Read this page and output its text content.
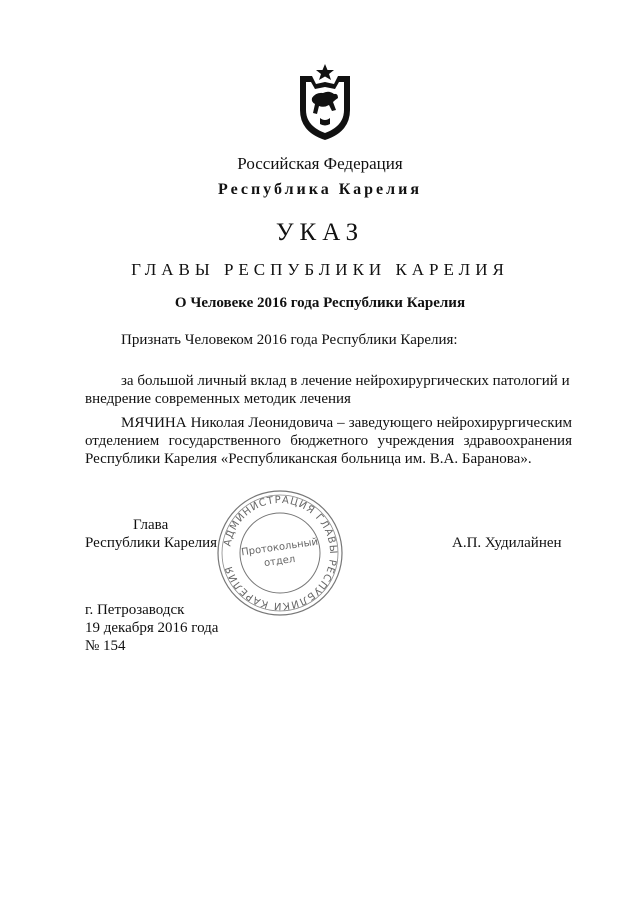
Российская Федерация
Республика Карелия
УКАЗ
ГЛАВЫ РЕСПУБЛИКИ КАРЕЛИЯ
О Человеке 2016 года Республики Карелия
Признать Человеком 2016 года Республики Карелия:
за большой личный вклад в лечение нейрохирургических патологий и внедрение современных методик лечения
МЯЧИНА Николая Леонидовича – заведующего нейрохирургическим отделением государственного бюджетного учреждения здравоохранения Республики Карелия «Республиканская больница им. В.А. Баранова».
Глава
Республики Карелия	А.П. Худилайнен
АДМИНИСТРАЦИЯ ГЛАВЫ РЕСПУБЛИКИ КАРЕЛИЯ
Протокольный
отдел
г. Петрозаводск
19 декабря 2016 года
№ 154
